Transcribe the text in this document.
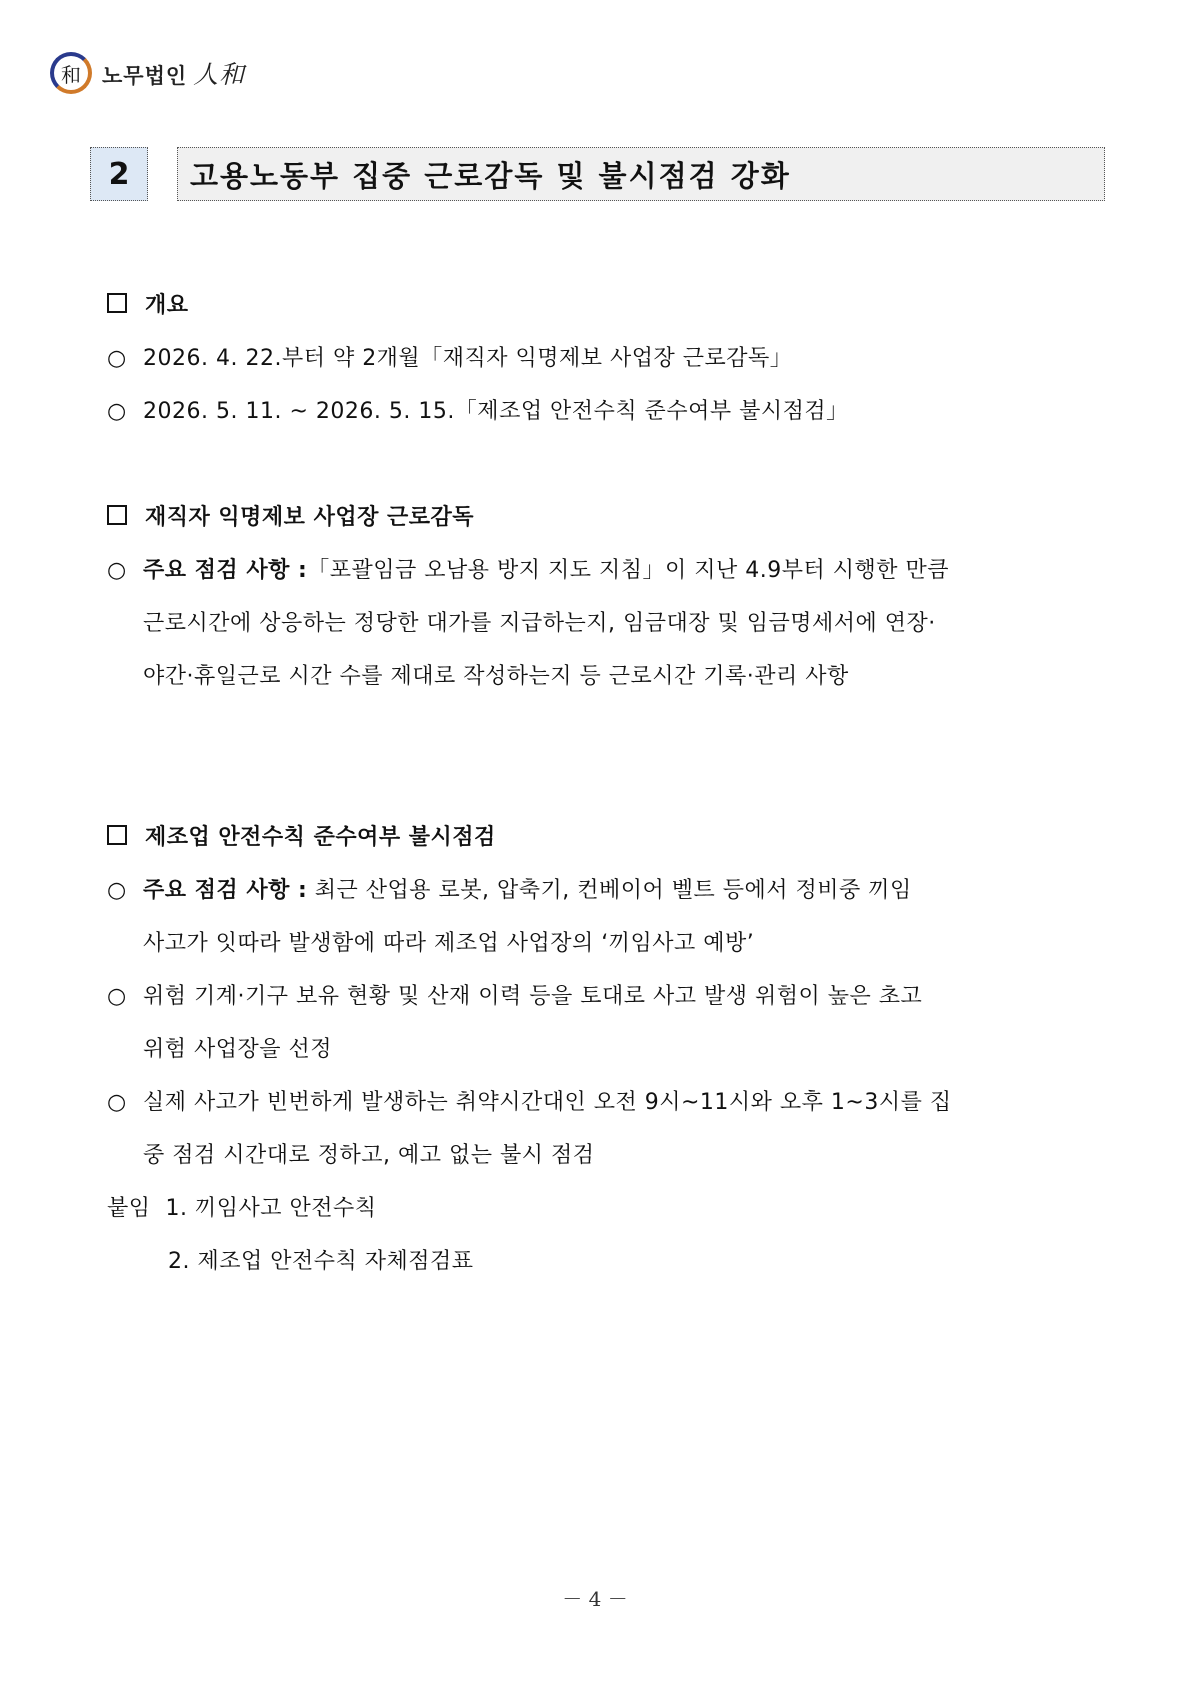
和 노무법인 人和
2	고용노동부 집중 근로감독 및 불시점검 강화
개요
○ 2026. 4. 22.부터 약 2개월「재직자 익명제보 사업장 근로감독」
○ 2026. 5. 11. ~ 2026. 5. 15.「제조업 안전수칙 준수여부 불시점검」
재직자 익명제보 사업장 근로감독
○ 주요 점검 사항 :「포괄임금 오남용 방지 지도 지침」이 지난 4.9부터 시행한 만큼
근로시간에 상응하는 정당한 대가를 지급하는지, 임금대장 및 임금명세서에 연장·
야간·휴일근로 시간 수를 제대로 작성하는지 등 근로시간 기록·관리 사항
제조업 안전수칙 준수여부 불시점검
○ 주요 점검 사항 : 최근 산업용 로봇, 압축기, 컨베이어 벨트 등에서 정비중 끼임
사고가 잇따라 발생함에 따라 제조업 사업장의 ‘끼임사고 예방’
○ 위험 기계·기구 보유 현황 및 산재 이력 등을 토대로 사고 발생 위험이 높은 초고
위험 사업장을 선정
○ 실제 사고가 빈번하게 발생하는 취약시간대인 오전 9시~11시와 오후 1~3시를 집
중 점검 시간대로 정하고, 예고 없는 불시 점검
붙임 1. 끼임사고 안전수칙
2. 제조업 안전수칙 자체점검표
－ 4 －
